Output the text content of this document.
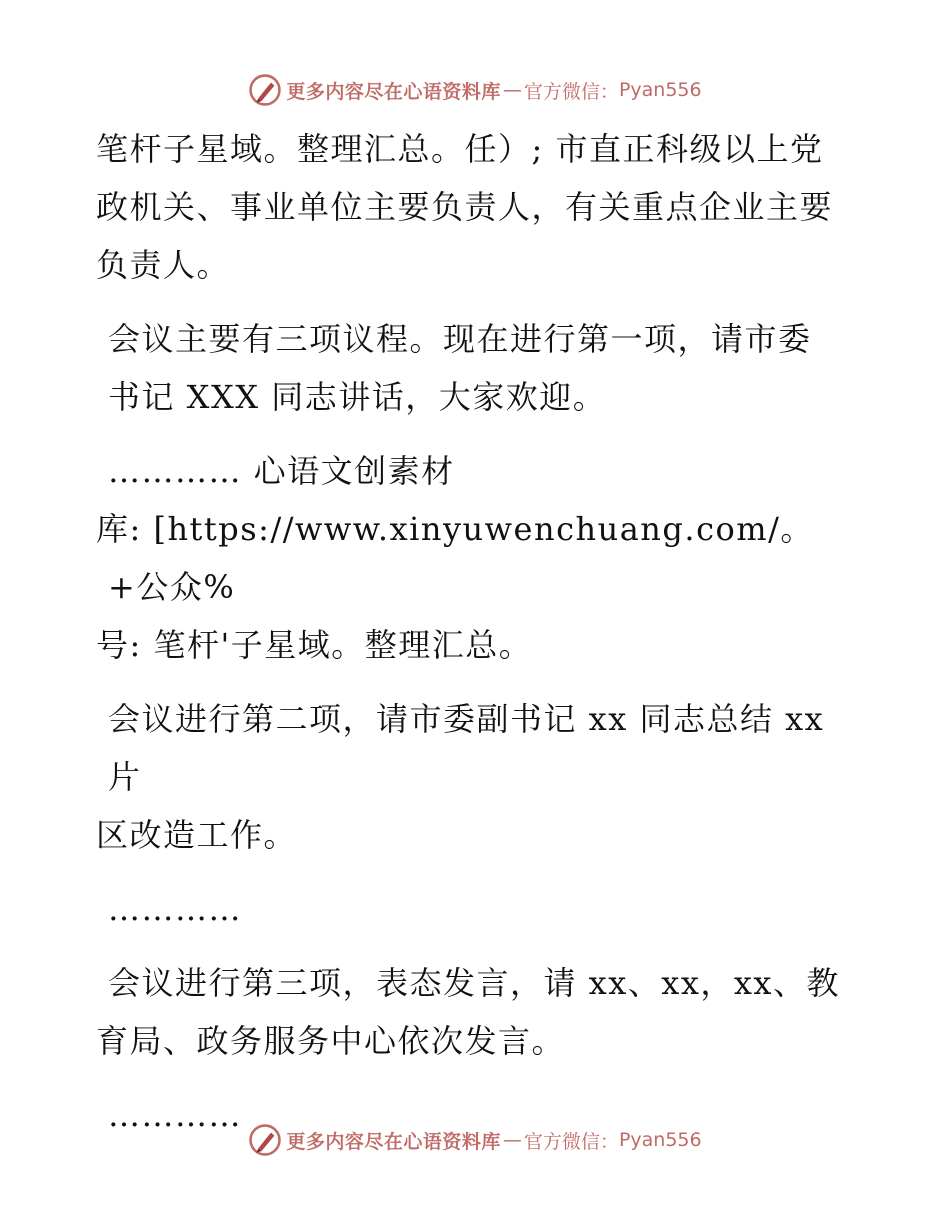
更多内容尽在心语资料库 — 官方微信： Pyan556

笔杆子星域。整理汇总。任）; 市直正科级以上党
政机关、事业单位主要负责人，有关重点企业主要
负责人。

会议主要有三项议程。现在进行第一项，请市委
书记 XXX 同志讲话，大家欢迎。

………… 心语文创素材
库: [https://www.xinyuwenchuang.com/。+公众%
号: 笔杆'子星域。整理汇总。

会议进行第二项，请市委副书记 xx 同志总结 xx 片
区改造工作。

…………

会议进行第三项，表态发言，请 xx、xx，xx、教
育局、政务服务中心依次发言。

…………

更多内容尽在心语资料库 — 官方微信： Pyan556
